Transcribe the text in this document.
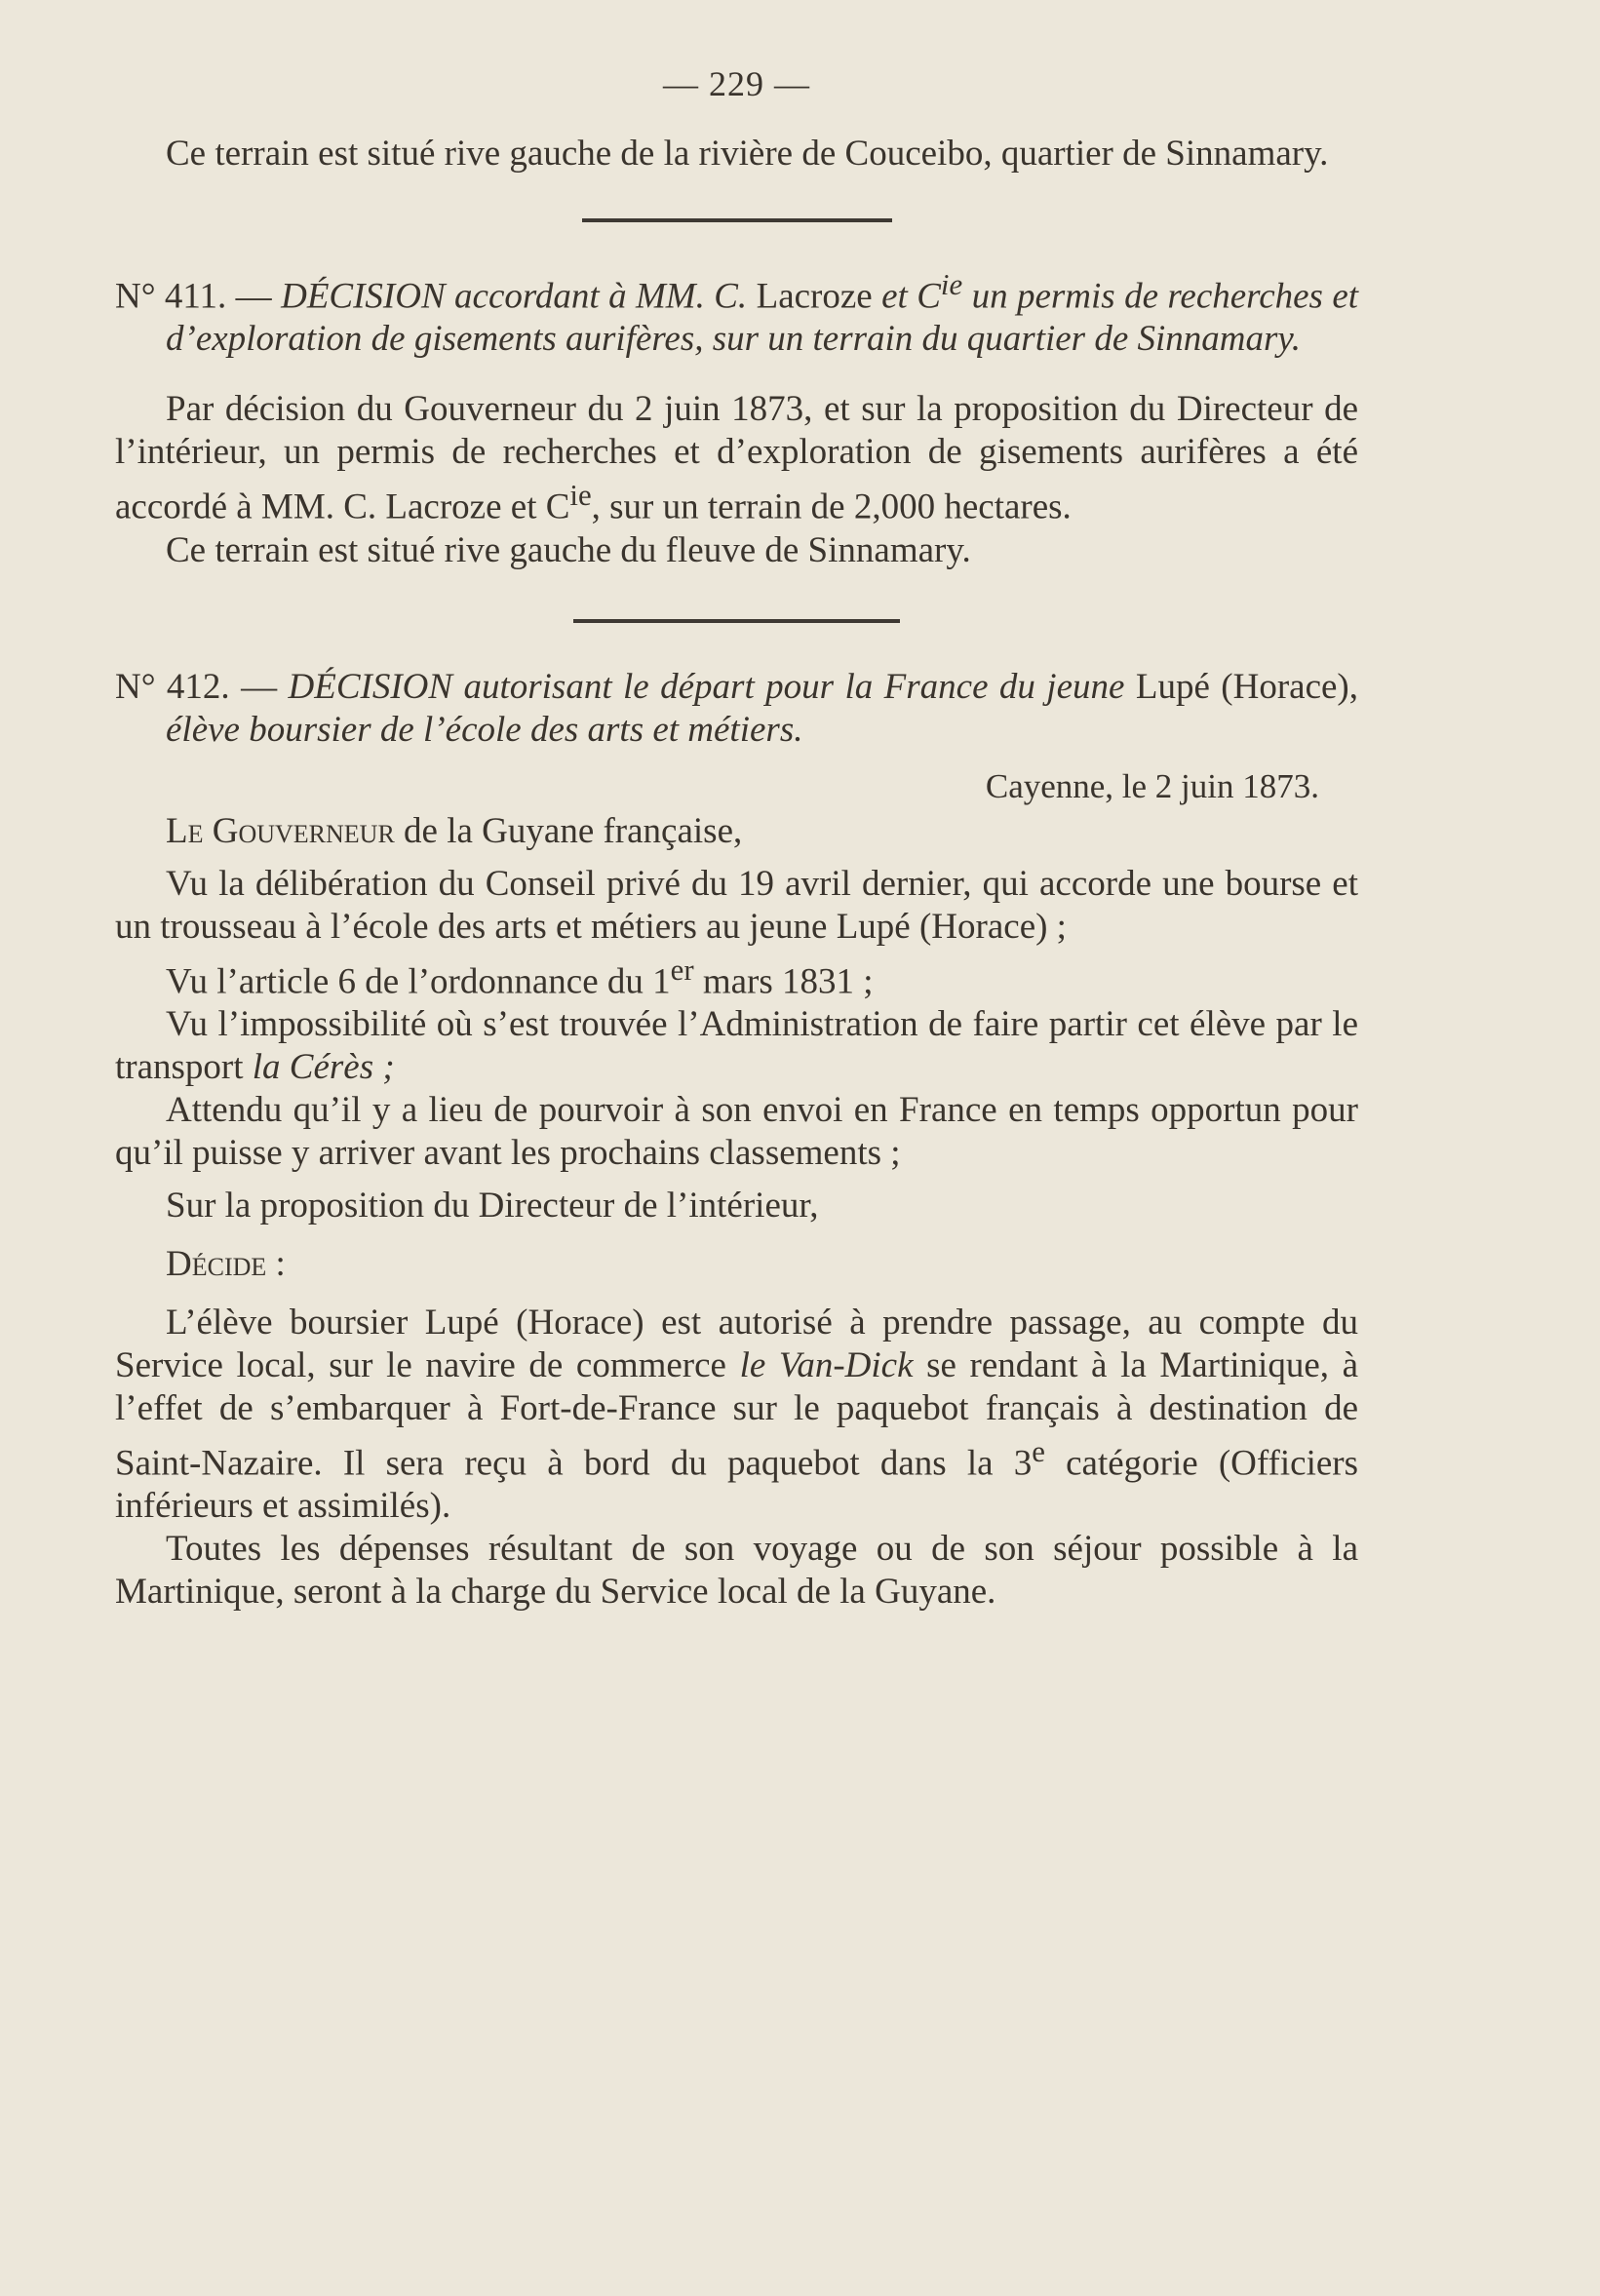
— 229 —

Ce terrain est situé rive gauche de la rivière de Couceibo, quartier de Sinnamary.

N° 411. — DÉCISION accordant à MM. C. Lacroze et $C^{ie}$ un permis de recherches et d’exploration de gisements aurifères, sur un terrain du quartier de Sinnamary.

Par décision du Gouverneur du 2 juin 1873, et sur la proposition du Directeur de l’intérieur, un permis de recherches et d’exploration de gisements aurifères a été accordé à MM. C. Lacroze et $C^{ie}$, sur un terrain de 2,000 hectares.

Ce terrain est situé rive gauche du fleuve de Sinnamary.

N° 412. — DÉCISION autorisant le départ pour la France du jeune Lupé (Horace), élève boursier de l’école des arts et métiers.

Cayenne, le 2 juin 1873.

Le Gouverneur de la Guyane française,

Vu la délibération du Conseil privé du 19 avril dernier, qui accorde une bourse et un trousseau à l’école des arts et métiers au jeune Lupé (Horace) ;

Vu l’article 6 de l’ordonnance du 1er mars 1831 ;

Vu l’impossibilité où s’est trouvée l’Administration de faire partir cet élève par le transport la Cérès ;

Attendu qu’il y a lieu de pourvoir à son envoi en France en temps opportun pour qu’il puisse y arriver avant les prochains classements ;

Sur la proposition du Directeur de l’intérieur,

Décide :

L’élève boursier Lupé (Horace) est autorisé à prendre passage, au compte du Service local, sur le navire de commerce le Van-Dick se rendant à la Martinique, à l’effet de s’embarquer à Fort-de-France sur le paquebot français à destination de Saint-Nazaire. Il sera reçu à bord du paquebot dans la 3e catégorie (Officiers inférieurs et assimilés).

Toutes les dépenses résultant de son voyage ou de son séjour possible à la Martinique, seront à la charge du Service local de la Guyane.
